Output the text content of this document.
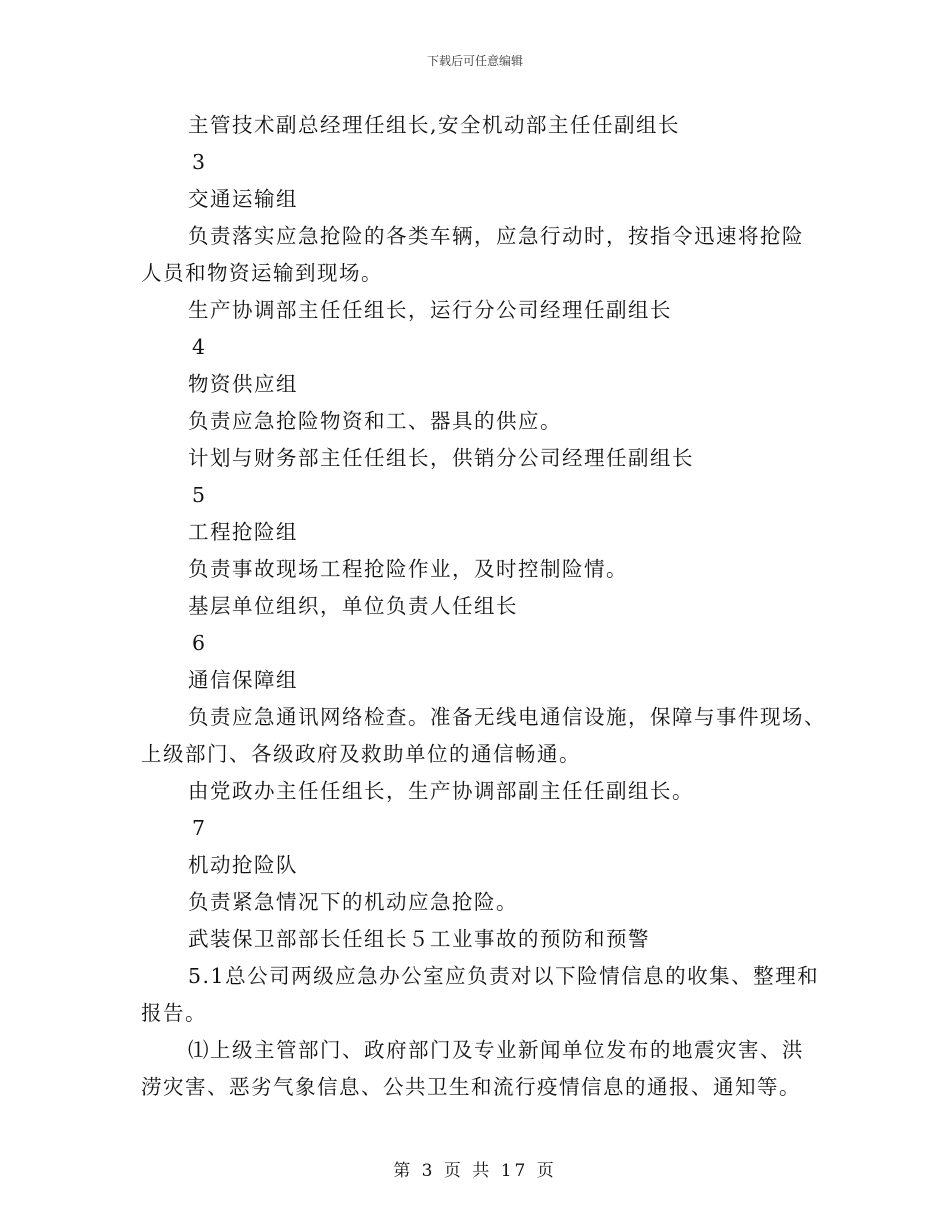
下载后可任意编辑

主管技术副总经理任组长,安全机动部主任任副组长

3

交通运输组

负责落实应急抢险的各类车辆，应急行动时，按指令迅速将抢险

人员和物资运输到现场。

生产协调部主任任组长，运行分公司经理任副组长

4

物资供应组

负责应急抢险物资和工、器具的供应。

计划与财务部主任任组长，供销分公司经理任副组长

5

工程抢险组

负责事故现场工程抢险作业，及时控制险情。

基层单位组织，单位负责人任组长

6

通信保障组

负责应急通讯网络检查。准备无线电通信设施，保障与事件现场、

上级部门、各级政府及救助单位的通信畅通。

由党政办主任任组长，生产协调部副主任任副组长。

7

机动抢险队

负责紧急情况下的机动应急抢险。

武装保卫部部长任组长５工业事故的预防和预警

5.1总公司两级应急办公室应负责对以下险情信息的收集、整理和

报告。

⑴上级主管部门、政府部门及专业新闻单位发布的地震灾害、洪

涝灾害、恶劣气象信息、公共卫生和流行疫情信息的通报、通知等。

第 3 页 共 17 页
